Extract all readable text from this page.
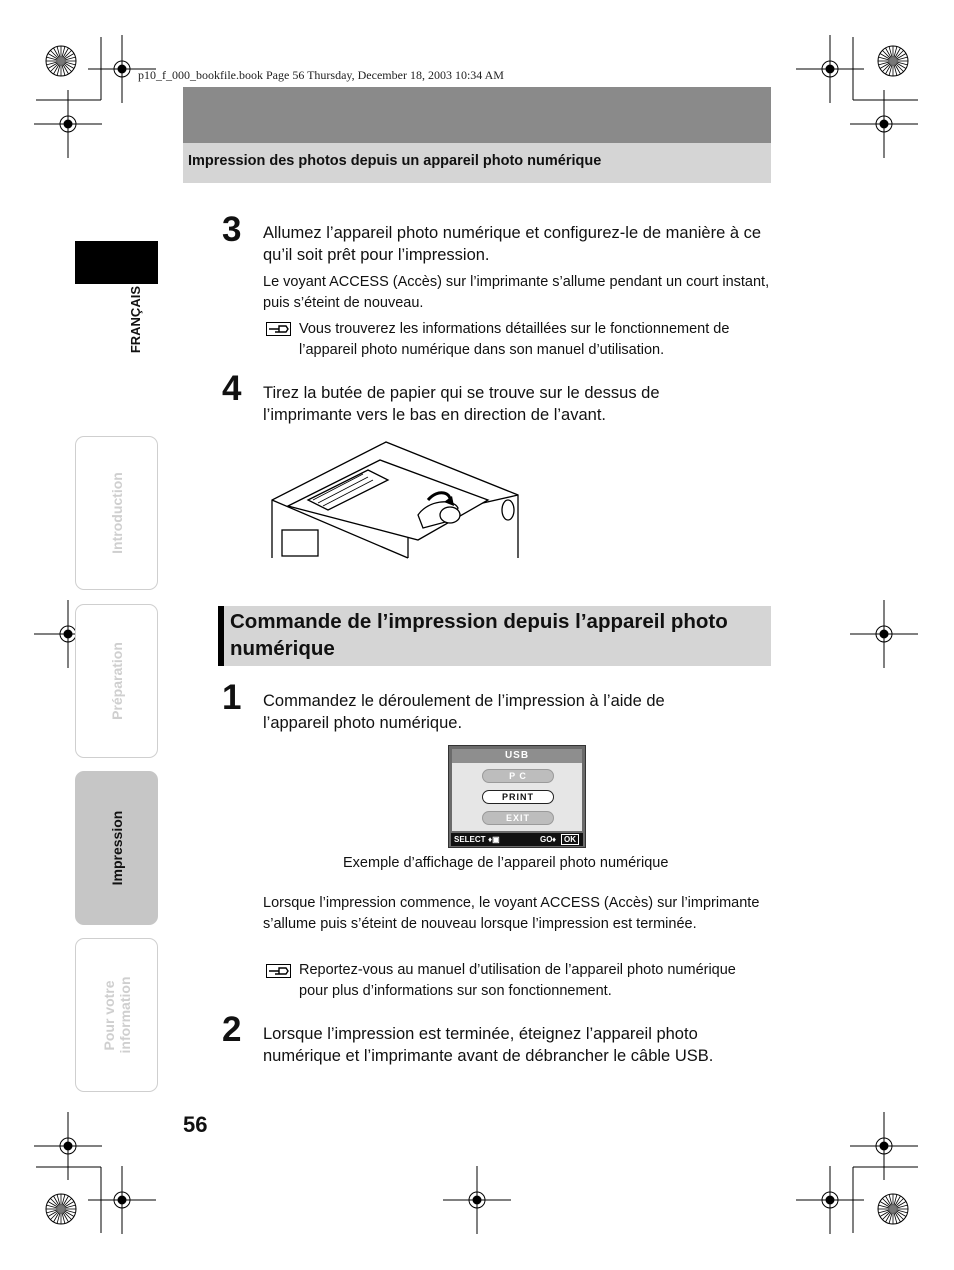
p10_f_000_bookfile.book Page 56 Thursday, December 18, 2003 10:34 AM
Impression des photos depuis un appareil photo numérique
FRANÇAIS
Introduction
Préparation
Impression
Pour votre information
3 Allumez l’appareil photo numérique et configurez-le de manière à ce qu’il soit prêt pour l’impression.
Le voyant ACCESS (Accès) sur l’imprimante s’allume pendant un court instant, puis s’éteint de nouveau.
Vous trouverez les informations détaillées sur le fonctionnement de l’appareil photo numérique dans son manuel d’utilisation.
4 Tirez la butée de papier qui se trouve sur le dessus de l’imprimante vers le bas en direction de l’avant.
Commande de l’impression depuis l’appareil photo numérique
1 Commandez le déroulement de l’impression à l’aide de l’appareil photo numérique.
USB
P C
PRINT
EXIT
SELECT ♦▣	GO ♦ OK
Exemple d’affichage de l’appareil photo numérique
Lorsque l’impression commence, le voyant ACCESS (Accès) sur l’imprimante s’allume puis s’éteint de nouveau lorsque l’impression est terminée.
Reportez-vous au manuel d’utilisation de l’appareil photo numérique pour plus d’informations sur son fonctionnement.
2 Lorsque l’impression est terminée, éteignez l’appareil photo numérique et l’imprimante avant de débrancher le câble USB.
56
